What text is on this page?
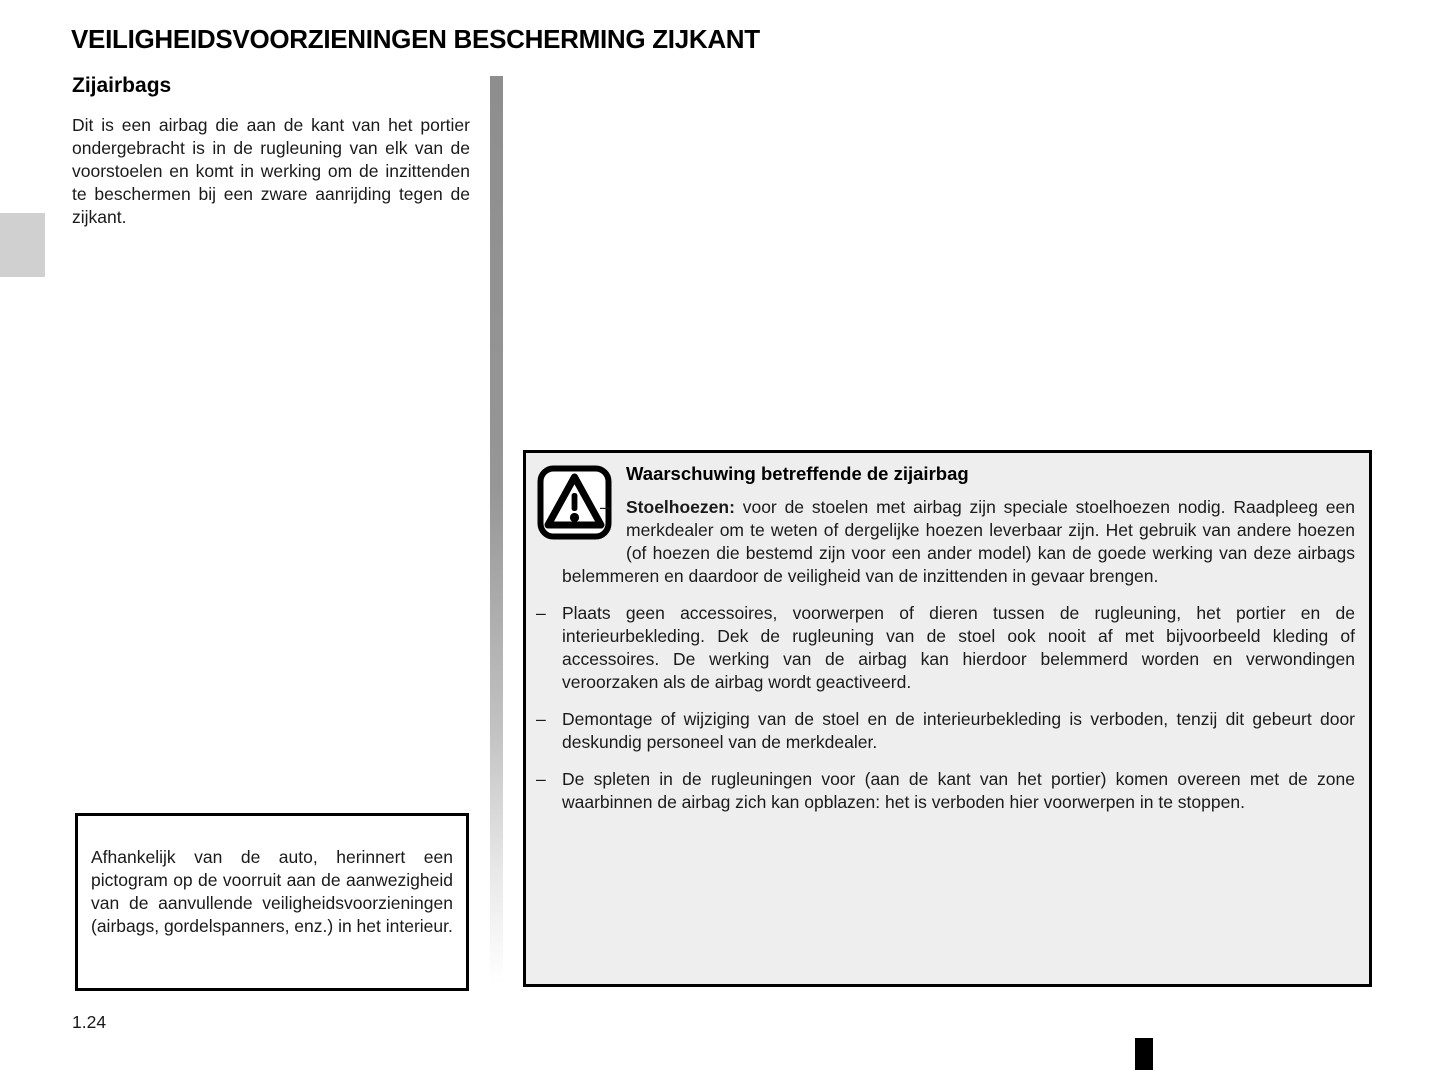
VEILIGHEIDSVOORZIENINGEN BESCHERMING ZIJKANT
Zijairbags

Dit is een airbag die aan de kant van het portier ondergebracht is in de rugleuning van elk van de voorstoelen en komt in werking om de inzittenden te beschermen bij een zware aanrijding tegen de zijkant.

Waarschuwing betreffende de zijairbag

– Stoelhoezen: voor de stoelen met airbag zijn speciale stoelhoezen nodig. Raadpleeg een merkdealer om te weten of dergelijke hoezen leverbaar zijn. Het gebruik van andere hoezen (of hoezen die bestemd zijn voor een ander model) kan de goede werking van deze airbags belemmeren en daardoor de veiligheid van de inzittenden in gevaar brengen.

– Plaats geen accessoires, voorwerpen of dieren tussen de rugleuning, het portier en de interieurbekleding. Dek de rugleuning van de stoel ook nooit af met bijvoorbeeld kleding of accessoires. De werking van de airbag kan hierdoor belemmerd worden en verwondingen veroorzaken als de airbag wordt geactiveerd.

– Demontage of wijziging van de stoel en de interieurbekleding is verboden, tenzij dit gebeurt door deskundig personeel van de merkdealer.

– De spleten in de rugleuningen voor (aan de kant van het portier) komen overeen met de zone waarbinnen de airbag zich kan opblazen: het is verboden hier voorwerpen in te stoppen.

Afhankelijk van de auto, herinnert een pictogram op de voorruit aan de aanwezigheid van de aanvullende veiligheidsvoorzieningen (airbags, gordelspanners, enz.) in het interieur.

1.24
